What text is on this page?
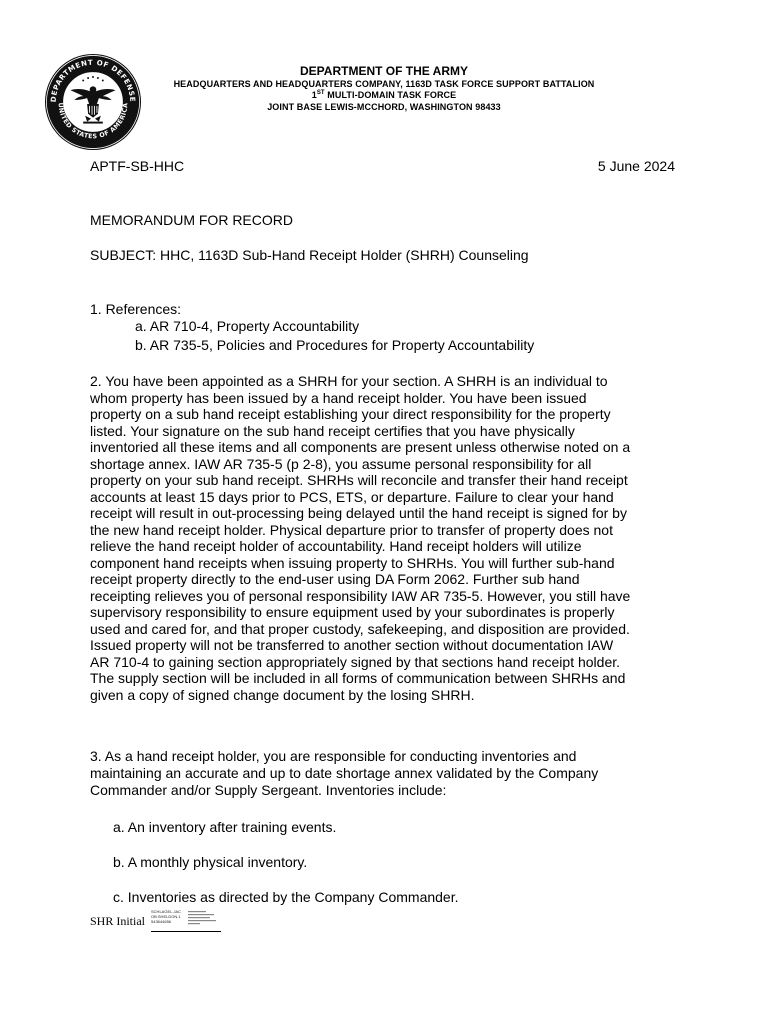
DEPARTMENT OF DEFENSE
UNITED STATES OF AMERICA
DEPARTMENT OF THE ARMY
HEADQUARTERS AND HEADQUARTERS COMPANY, 1163D TASK FORCE SUPPORT BATTALION
1ST MULTI-DOMAIN TASK FORCE
JOINT BASE LEWIS-MCCHORD, WASHINGTON 98433
APTF-SB-HHC	5 June 2024
MEMORANDUM FOR RECORD
SUBJECT: HHC, 1163D Sub-Hand Receipt Holder (SHRH) Counseling
1. References:
a. AR 710-4, Property Accountability
b. AR 735-5, Policies and Procedures for Property Accountability
2. You have been appointed as a SHRH for your section. A SHRH is an individual to
whom property has been issued by a hand receipt holder. You have been issued
property on a sub hand receipt establishing your direct responsibility for the property
listed. Your signature on the sub hand receipt certifies that you have physically
inventoried all these items and all components are present unless otherwise noted on a
shortage annex. IAW AR 735-5 (p 2-8), you assume personal responsibility for all
property on your sub hand receipt. SHRHs will reconcile and transfer their hand receipt
accounts at least 15 days prior to PCS, ETS, or departure. Failure to clear your hand
receipt will result in out-processing being delayed until the hand receipt is signed for by
the new hand receipt holder. Physical departure prior to transfer of property does not
relieve the hand receipt holder of accountability. Hand receipt holders will utilize
component hand receipts when issuing property to SHRHs. You will further sub-hand
receipt property directly to the end-user using DA Form 2062. Further sub hand
receipting relieves you of personal responsibility IAW AR 735-5. However, you still have
supervisory responsibility to ensure equipment used by your subordinates is properly
used and cared for, and that proper custody, safekeeping, and disposition are provided.
Issued property will not be transferred to another section without documentation IAW
AR 710-4 to gaining section appropriately signed by that sections hand receipt holder.
The supply section will be included in all forms of communication between SHRHs and
given a copy of signed change document by the losing SHRH.
3. As a hand receipt holder, you are responsible for conducting inventories and
maintaining an accurate and up to date shortage annex validated by the Company
Commander and/or Supply Sergeant. Inventories include:
a. An inventory after training events.
b. A monthly physical inventory.
c. Inventories as directed by the Company Commander.
SHR Initial
SCHLAGEL.JAC
OB.SHELDON.1
543644656
